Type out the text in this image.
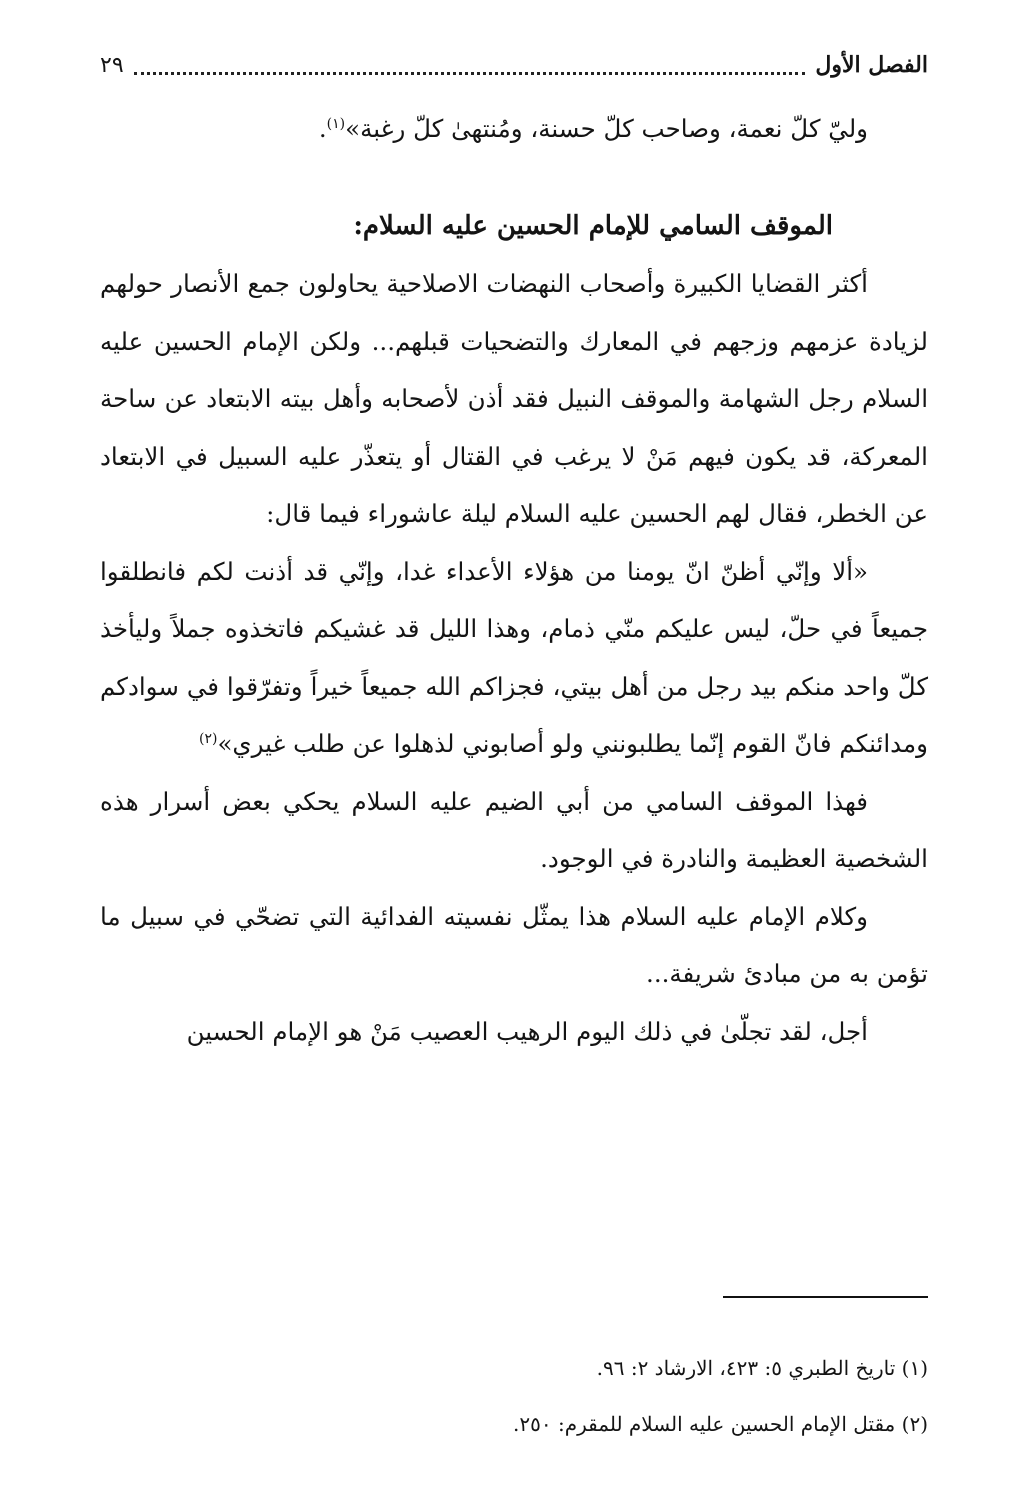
الفصل الأول
٢٩

وليّ كلّ نعمة، وصاحب كلّ حسنة، ومُنتهىٰ كلّ رغبة»$^{(١)}$.

الموقف السامي للإمام الحسين عليه السلام:

أكثر القضايا الكبيرة وأصحاب النهضات الاصلاحية يحاولون جمع الأنصار حولهم لزيادة عزمهم وزجهم في المعارك والتضحيات قبلهم... ولكن الإمام الحسين عليه السلام رجل الشهامة والموقف النبيل فقد أذن لأصحابه وأهل بيته الابتعاد عن ساحة المعركة، قد يكون فيهم مَنْ لا يرغب في القتال أو يتعذّر عليه السبيل في الابتعاد عن الخطر، فقال لهم الحسين عليه السلام ليلة عاشوراء فيما قال:

«ألا وإنّي أظنّ انّ يومنا من هؤلاء الأعداء غدا، وإنّي قد أذنت لكم فانطلقوا جميعاً في حلّ، ليس عليكم منّي ذمام، وهذا الليل قد غشيكم فاتخذوه جملاً وليأخذ كلّ واحد منكم بيد رجل من أهل بيتي، فجزاكم الله جميعاً خيراً وتفرّقوا في سوادكم ومدائنكم فانّ القوم إنّما يطلبونني ولو أصابوني لذهلوا عن طلب غيري»$^{(٢)}$

فهذا الموقف السامي من أبي الضيم عليه السلام يحكي بعض أسرار هذه الشخصية العظيمة والنادرة في الوجود.

وكلام الإمام عليه السلام هذا يمثّل نفسيته الفدائية التي تضحّي في سبيل ما تؤمن به من مبادئ شريفة...

أجل، لقد تجلّىٰ في ذلك اليوم الرهيب العصيب مَنْ هو الإمام الحسين

(١) تاريخ الطبري ٥: ٤٢٣، الارشاد ٢: ٩٦.

(٢) مقتل الإمام الحسين عليه السلام للمقرم: ٢٥٠.
